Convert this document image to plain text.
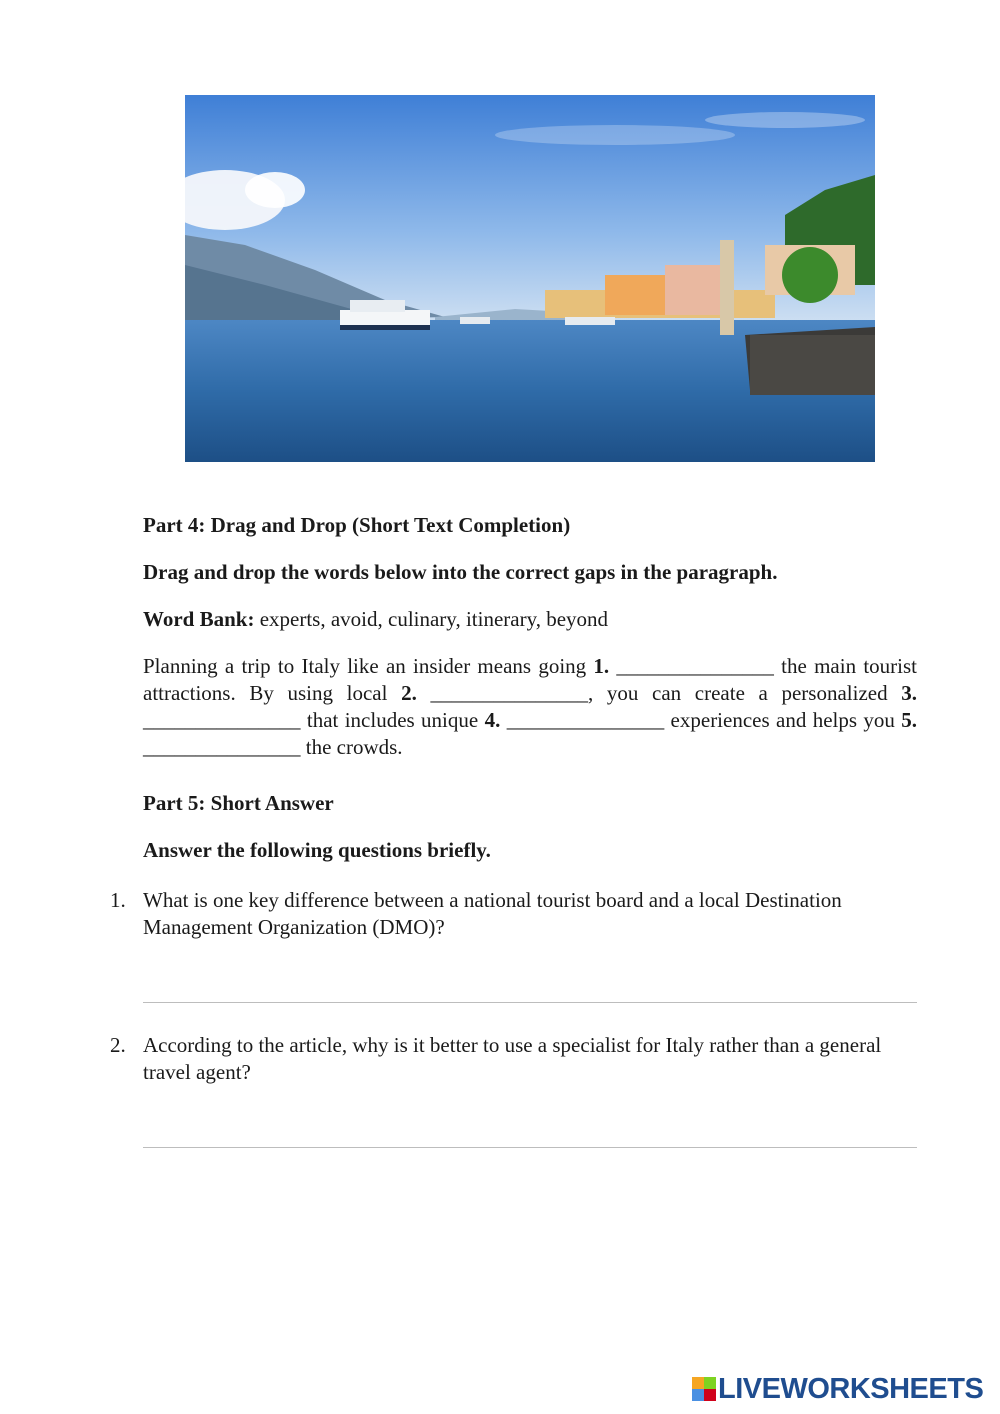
Part 4: Drag and Drop (Short Text Completion)
Drag and drop the words below into the correct gaps in the paragraph.
Word Bank: experts, avoid, culinary, itinerary, beyond
Planning a trip to Italy like an insider means going 1. _______________ the main tourist attractions. By using local 2. _______________, you can create a personalized 3. _______________ that includes unique 4. _______________ experiences and helps you 5. _______________ the crowds.
Part 5: Short Answer
Answer the following questions briefly.
1. What is one key difference between a national tourist board and a local Destination Management Organization (DMO)?
2. According to the article, why is it better to use a specialist for Italy rather than a general travel agent?
LIVEWORKSHEETS
